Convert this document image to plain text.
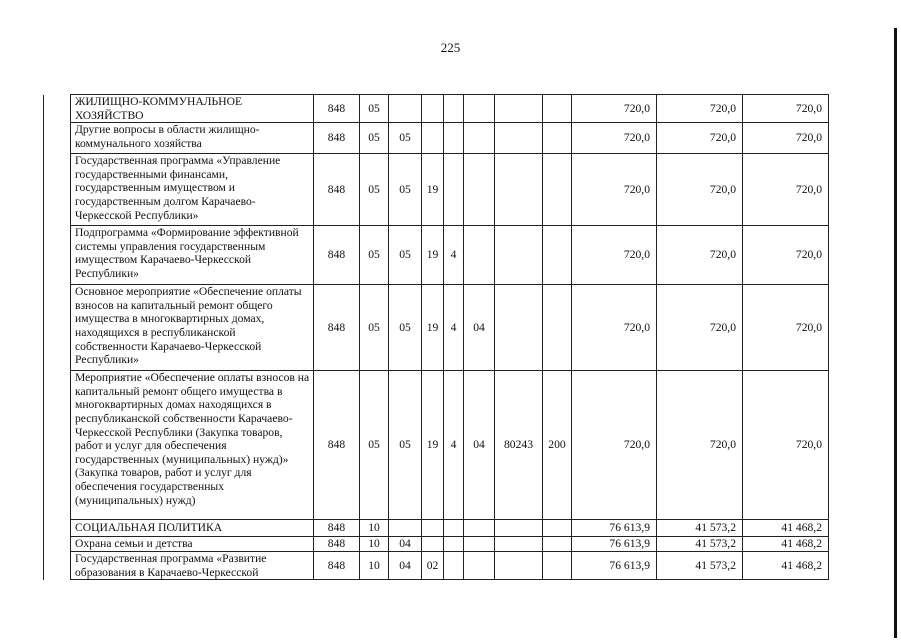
225
	ЖИЛИЩНО-КОММУНАЛЬНОЕ ХОЗЯЙСТВО	848	05							720,0	720,0	720,0
	Другие вопросы в области жилищно-коммунального хозяйства	848	05	05						720,0	720,0	720,0
	Государственная программа «Управление государственными финансами, государственным имуществом и государственным долгом Карачаево-Черкесской Республики»	848	05	05	19					720,0	720,0	720,0
	Подпрограмма «Формирование эффективной системы управления государственным имуществом Карачаево-Черкесской Республики»	848	05	05	19	4				720,0	720,0	720,0
	Основное мероприятие «Обеспечение оплаты взносов на капитальный ремонт общего имущества в многоквартирных домах, находящихся в республиканской собственности Карачаево-Черкесской Республики»	848	05	05	19	4	04			720,0	720,0	720,0
	Мероприятие «Обеспечение оплаты взносов на капитальный ремонт общего имущества в многоквартирных домах находящихся в республиканской собственности Карачаево-Черкесской Республики (Закупка товаров, работ и услуг для обеспечения государственных (муниципальных) нужд)» (Закупка товаров, работ и услуг для обеспечения государственных (муниципальных) нужд)	848	05	05	19	4	04	80243	200	720,0	720,0	720,0
	СОЦИАЛЬНАЯ ПОЛИТИКА	848	10							76 613,9	41 573,2	41 468,2
	Охрана семьи и детства	848	10	04						76 613,9	41 573,2	41 468,2
	Государственная программа «Развитие образования в Карачаево-Черкесской	848	10	04	02					76 613,9	41 573,2	41 468,2
